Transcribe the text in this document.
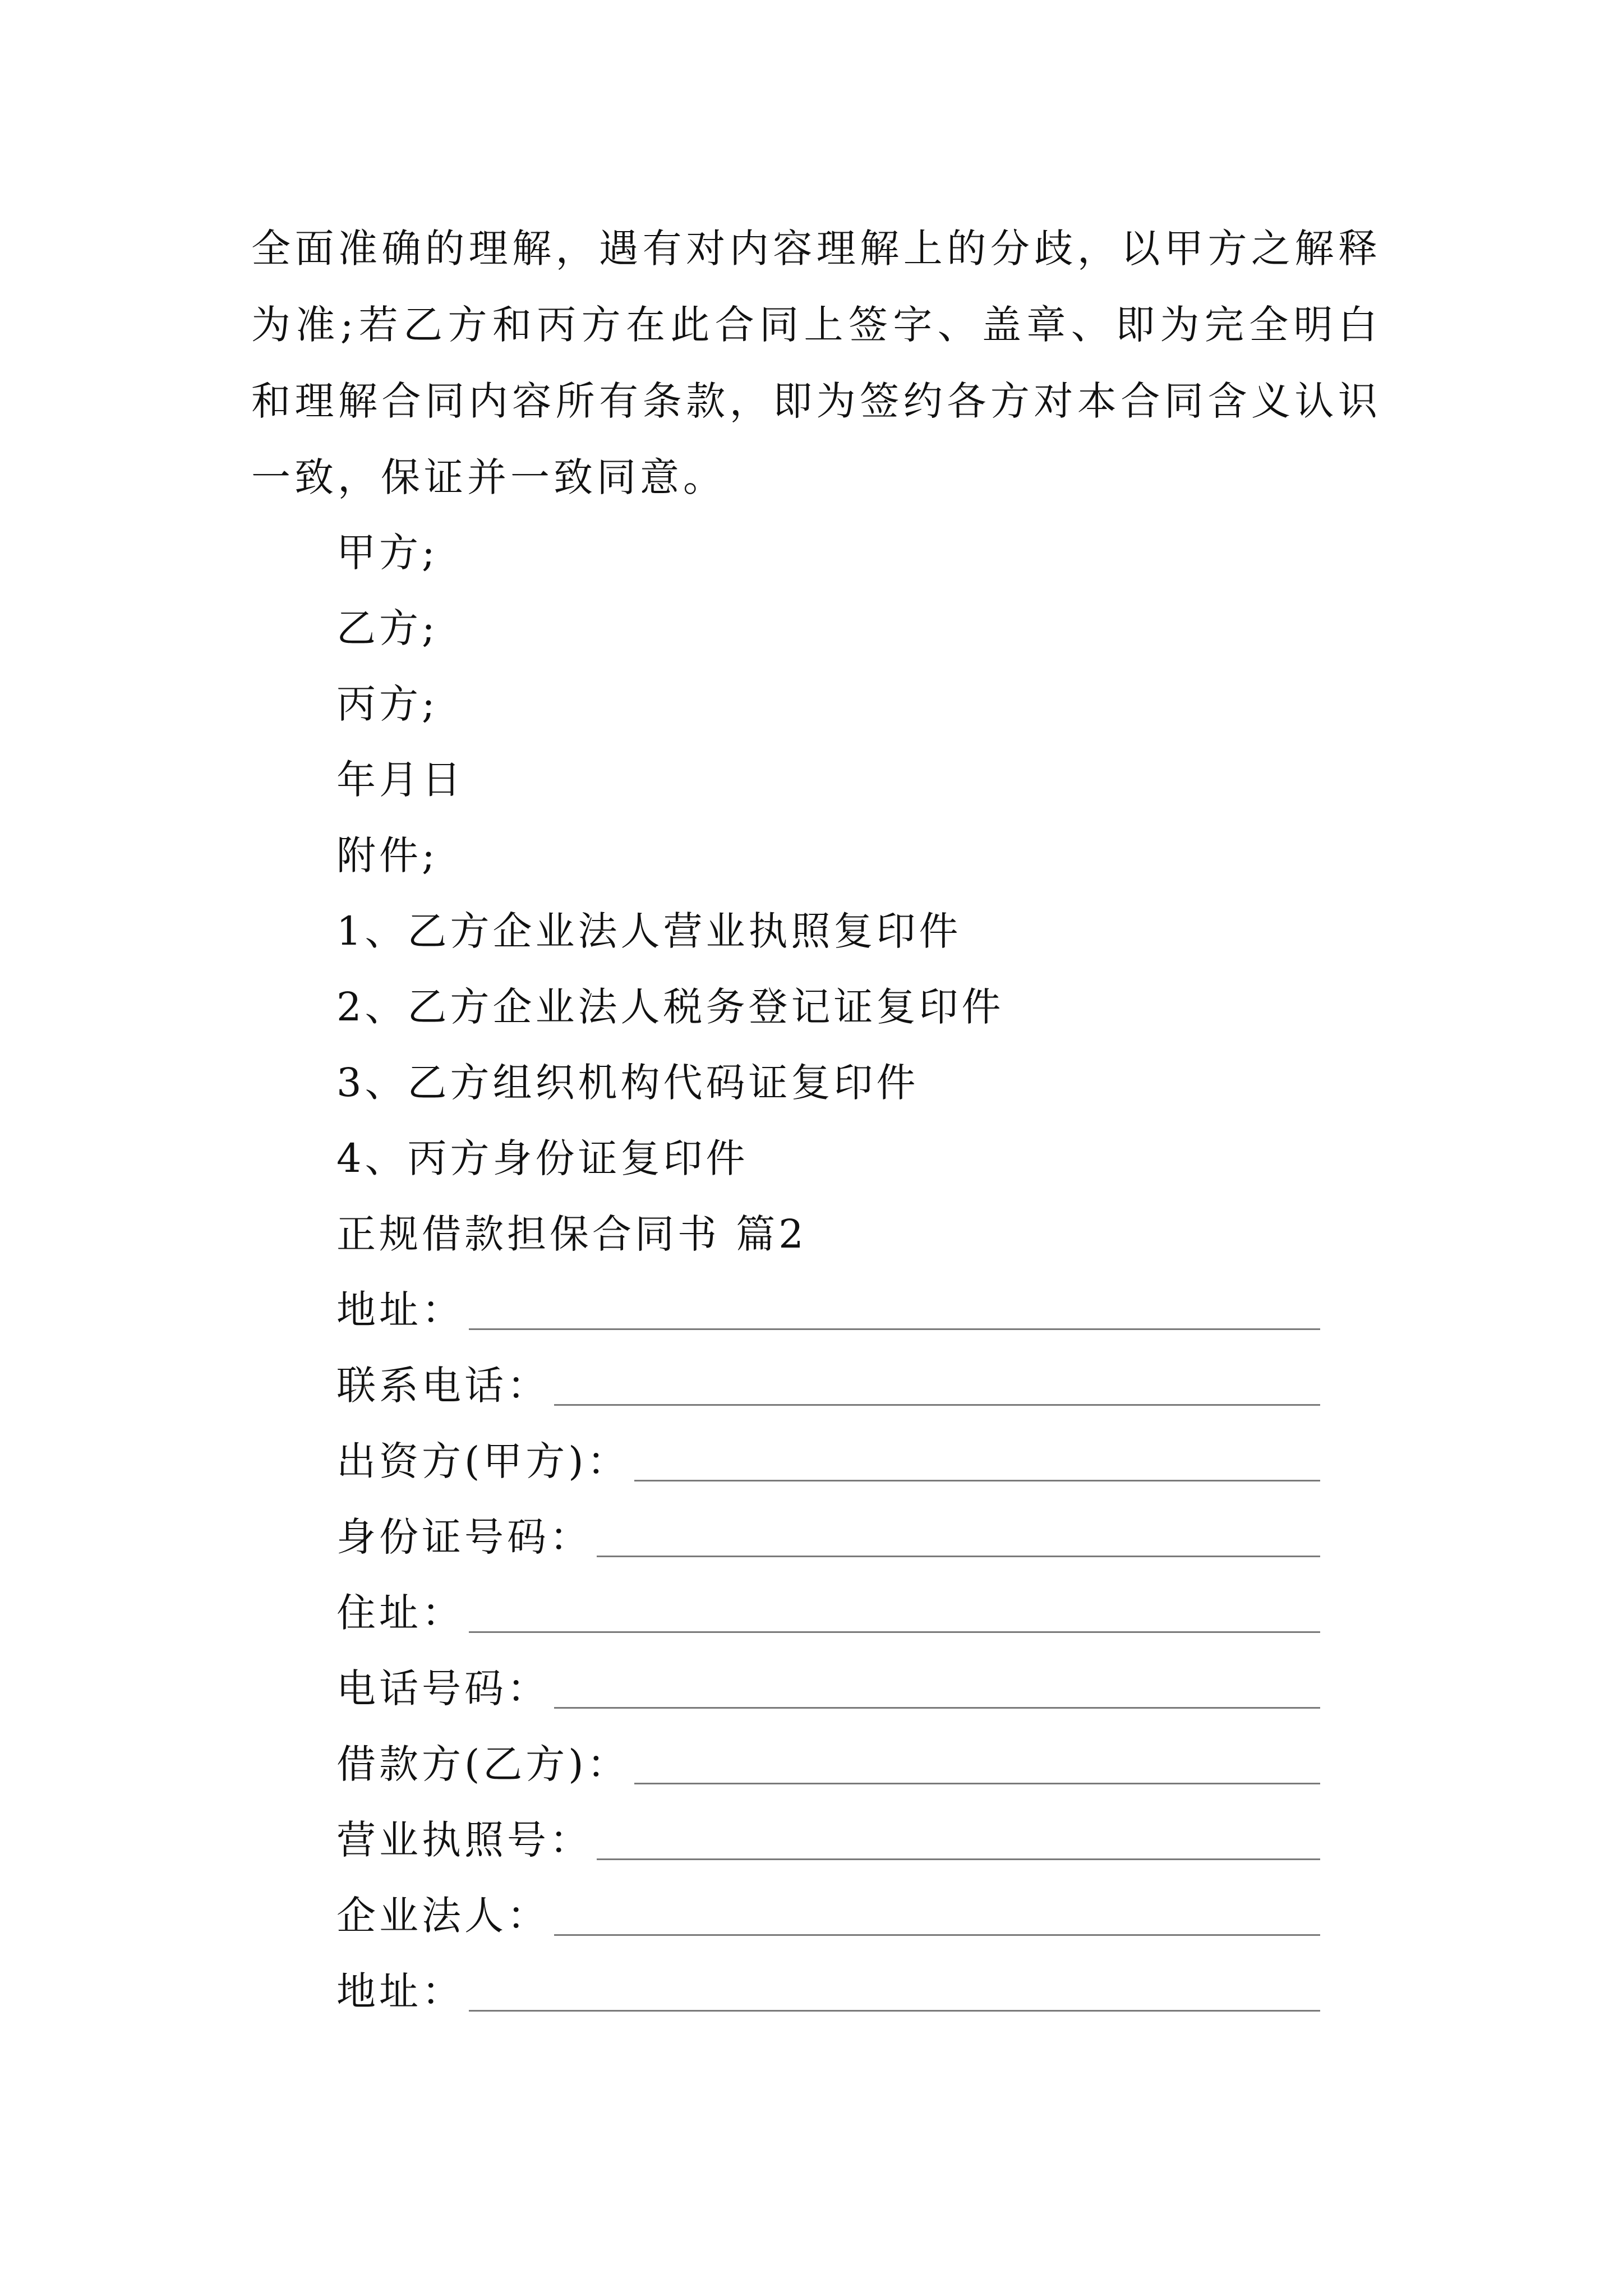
全面准确的理解，遇有对内容理解上的分歧，以甲方之解释为准;若乙方和丙方在此合同上签字、盖章、即为完全明白和理解合同内容所有条款，即为签约各方对本合同含义认识一致，保证并一致同意。

甲方;
乙方;
丙方;
年月日
附件;
1、乙方企业法人营业执照复印件
2、乙方企业法人税务登记证复印件
3、乙方组织机构代码证复印件
4、丙方身份证复印件
正规借款担保合同书 篇2
地址：
联系电话：
出资方(甲方)：
身份证号码：
住址：
电话号码：
借款方(乙方)：
营业执照号：
企业法人：
地址：
